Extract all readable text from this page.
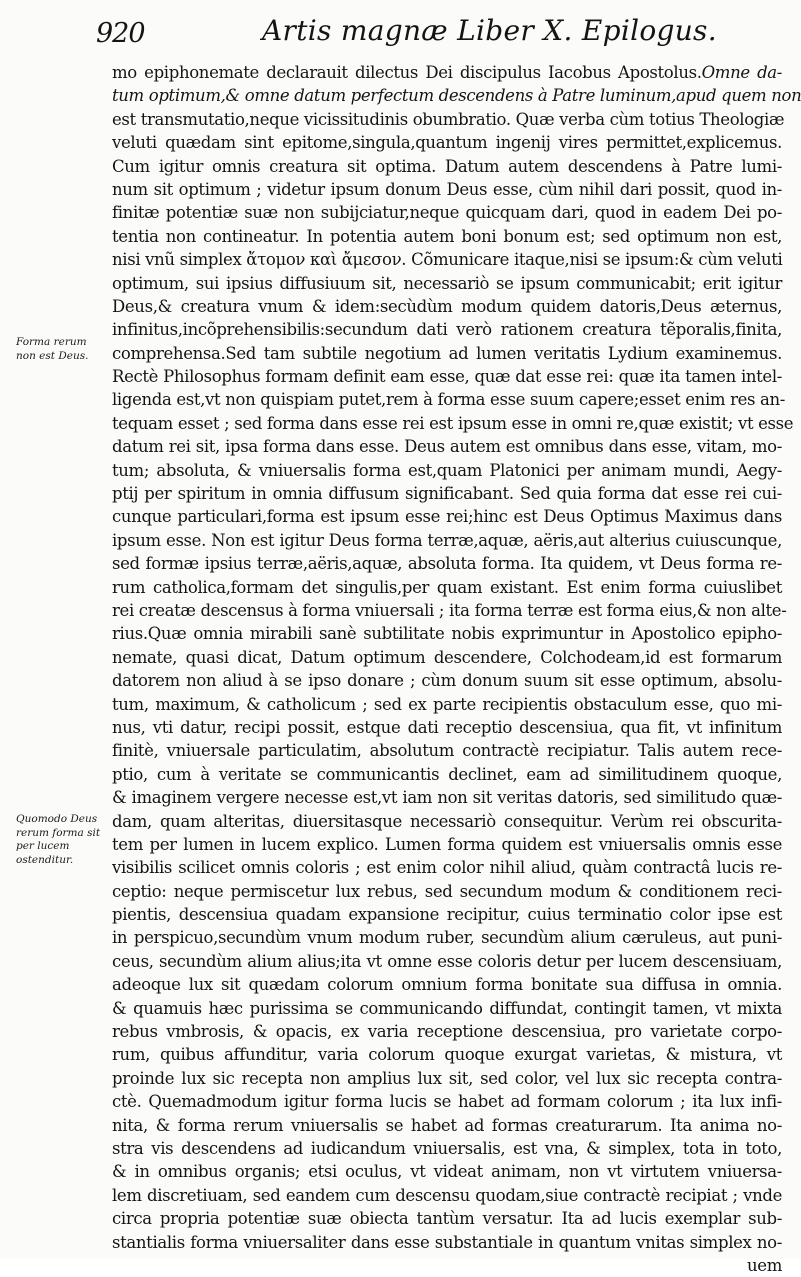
920	Artis magnæ Liber X. Epilogus.
Forma rerum non est Deus.
Quomodo Deus rerum forma sit per lucem ostenditur.
mo epiphonemate declarauit dilectus Dei discipulus Iacobus Apostolus.Omne da-
tum optimum,& omne datum perfectum descendens à Patre luminum,apud quem non
est transmutatio,neque vicissitudinis obumbratio. Quæ verba cùm totius Theologiæ
veluti quædam sint epitome,singula,quantum ingenij vires permittet,explicemus.
Cum igitur omnis creatura sit optima. Datum autem descendens à Patre lumi-
num sit optimum ; videtur ipsum donum Deus esse, cùm nihil dari possit, quod in-
finitæ potentiæ suæ non subijciatur,neque quicquam dari, quod in eadem Dei po-
tentia non contineatur. In potentia autem boni bonum est; sed optimum non est,
nisi vnũ simplex ἄτομον καὶ ἄμεσον. Cõmunicare itaque,nisi se ipsum:& cùm veluti
optimum, sui ipsius diffusiuum sit, necessariò se ipsum communicabit; erit igitur
Deus,& creatura vnum & idem:secùdùm modum quidem datoris,Deus æternus,
infinitus,incõprehensibilis:secundum dati verò rationem creatura tẽporalis,finita,
comprehensa.Sed tam subtile negotium ad lumen veritatis Lydium examinemus.
Rectè Philosophus formam definit eam esse, quæ dat esse rei: quæ ita tamen intel-
ligenda est,vt non quispiam putet,rem à forma esse suum capere;esset enim res an-
tequam esset ; sed forma dans esse rei est ipsum esse in omni re,quæ existit; vt esse
datum rei sit, ipsa forma dans esse. Deus autem est omnibus dans esse, vitam, mo-
tum; absoluta, & vniuersalis forma est,quam Platonici per animam mundi, Aegy-
ptij per spiritum in omnia diffusum significabant. Sed quia forma dat esse rei cui-
cunque particulari,forma est ipsum esse rei;hinc est Deus Optimus Maximus dans
ipsum esse. Non est igitur Deus forma terræ,aquæ, aëris,aut alterius cuiuscunque,
sed formæ ipsius terræ,aëris,aquæ, absoluta forma. Ita quidem, vt Deus forma re-
rum catholica,formam det singulis,per quam existant. Est enim forma cuiuslibet
rei creatæ descensus à forma vniuersali ; ita forma terræ est forma eius,& non alte-
rius.Quæ omnia mirabili sanè subtilitate nobis exprimuntur in Apostolico epipho-
nemate, quasi dicat, Datum optimum descendere, Colchodeam,id est formarum
datorem non aliud à se ipso donare ; cùm donum suum sit esse optimum, absolu-
tum, maximum, & catholicum ; sed ex parte recipientis obstaculum esse, quo mi-
nus, vti datur, recipi possit, estque dati receptio descensiua, qua fit, vt infinitum
finitè, vniuersale particulatim, absolutum contractè recipiatur. Talis autem rece-
ptio, cum à veritate se communicantis declinet, eam ad similitudinem quoque,
& imaginem vergere necesse est,vt iam non sit veritas datoris, sed similitudo quæ-
dam, quam alteritas, diuersitasque necessariò consequitur. Verùm rei obscurita-
tem per lumen in lucem explico. Lumen forma quidem est vniuersalis omnis esse
visibilis scilicet omnis coloris ; est enim color nihil aliud, quàm contractâ lucis re-
ceptio: neque permiscetur lux rebus, sed secundum modum & conditionem reci-
pientis, descensiua quadam expansione recipitur, cuius terminatio color ipse est
in perspicuo,secundùm vnum modum ruber, secundùm alium cæruleus, aut puni-
ceus, secundùm alium alius;ita vt omne esse coloris detur per lucem descensiuam,
adeoque lux sit quædam colorum omnium forma bonitate sua diffusa in omnia.
& quamuis hæc purissima se communicando diffundat, contingit tamen, vt mixta
rebus vmbrosis, & opacis, ex varia receptione descensiua, pro varietate corpo-
rum, quibus affunditur, varia colorum quoque exurgat varietas, & mistura, vt
proinde lux sic recepta non amplius lux sit, sed color, vel lux sic recepta contra-
ctè. Quemadmodum igitur forma lucis se habet ad formam colorum ; ita lux infi-
nita, & forma rerum vniuersalis se habet ad formas creaturarum. Ita anima no-
stra vis descendens ad iudicandum vniuersalis, est vna, & simplex, tota in toto,
& in omnibus organis; etsi oculus, vt videat animam, non vt virtutem vniuersa-
lem discretiuam, sed eandem cum descensu quodam,siue contractè recipiat ; vnde
circa propria potentiæ suæ obiecta tantùm versatur. Ita ad lucis exemplar sub-
stantialis forma vniuersaliter dans esse substantiale in quantum vnitas simplex no-
uem
